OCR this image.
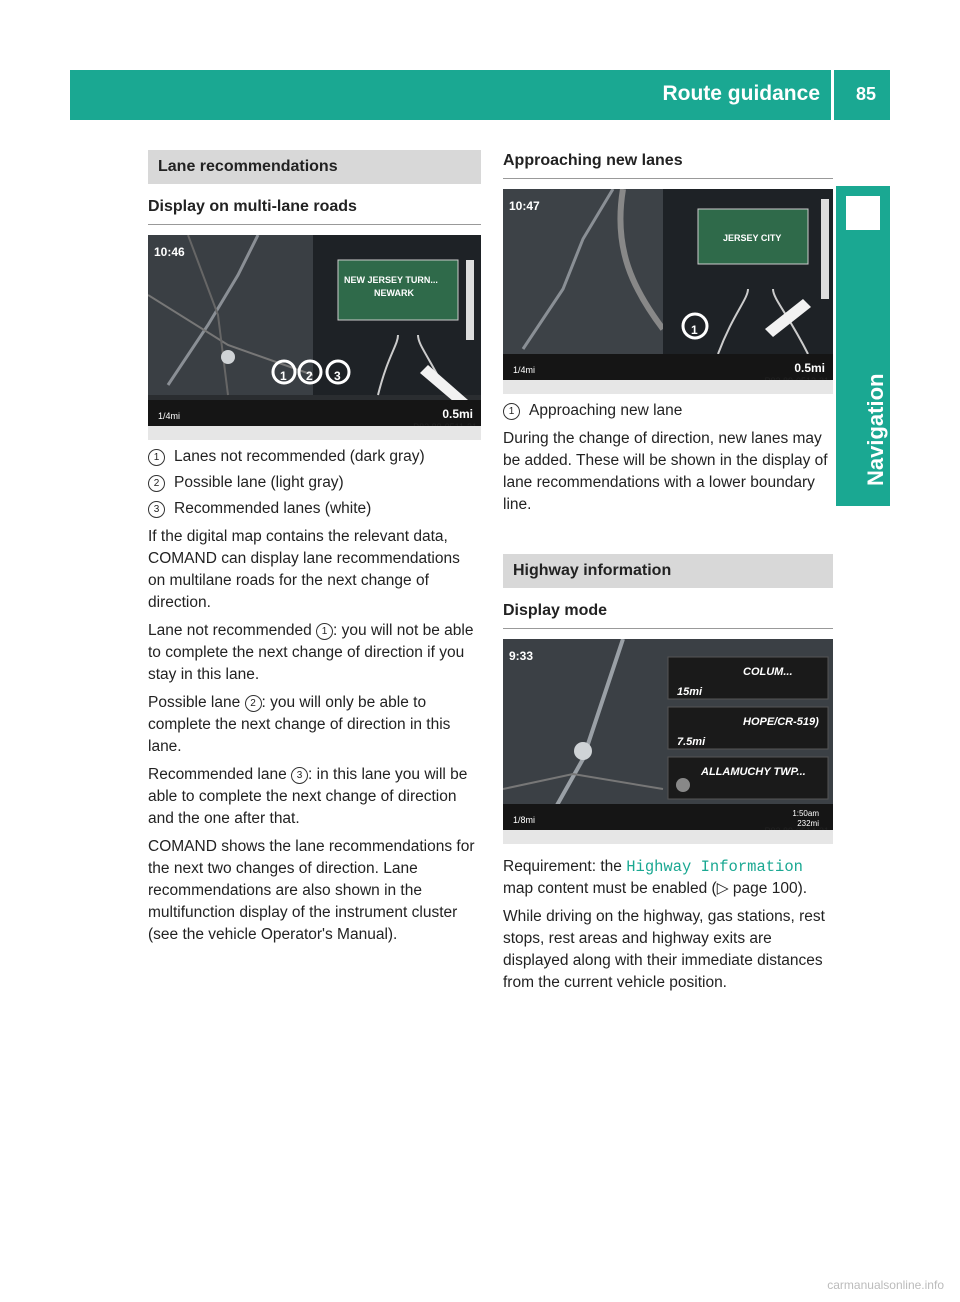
Route guidance 85
Navigation
Lane recommendations
Display on multi-lane roads
10:46
NEW JERSEY TURN...
NEWARK
1 2 3
1/4mi	0.5mi
1 Lanes not recommended (dark gray)
2 Possible lane (light gray)
3 Recommended lanes (white)

If the digital map contains the relevant data, COMAND can display lane recommendations on multilane roads for the next change of direction.

Lane not recommended 1 : you will not be able to complete the next change of direction if you stay in this lane.

Possible lane 2 : you will only be able to complete the next change of direction in this lane.

Recommended lane 3 : in this lane you will be able to complete the next change of direction and the one after that.

COMAND shows the lane recommendations for the next two changes of direction. Lane recommendations are also shown in the multifunction display of the instrument cluster (see the vehicle Operator's Manual).

Approaching new lanes
10:47
JERSEY CITY
1
1/4mi	0.5mi
1 Approaching new lane

During the change of direction, new lanes may be added. These will be shown in the display of lane recommendations with a lower boundary line.

Highway information
Display mode
9:33
COLUM...
15mi
HOPE/CR-519)
7.5mi
ALLAMUCHY TWP...
1:50am
232mi
1/8mi

Requirement: the Highway Information map content must be enabled (▷ page 100).

While driving on the highway, gas stations, rest stops, rest areas and highway exits are displayed along with their immediate distances from the current vehicle position.

carmanualsonline.info
